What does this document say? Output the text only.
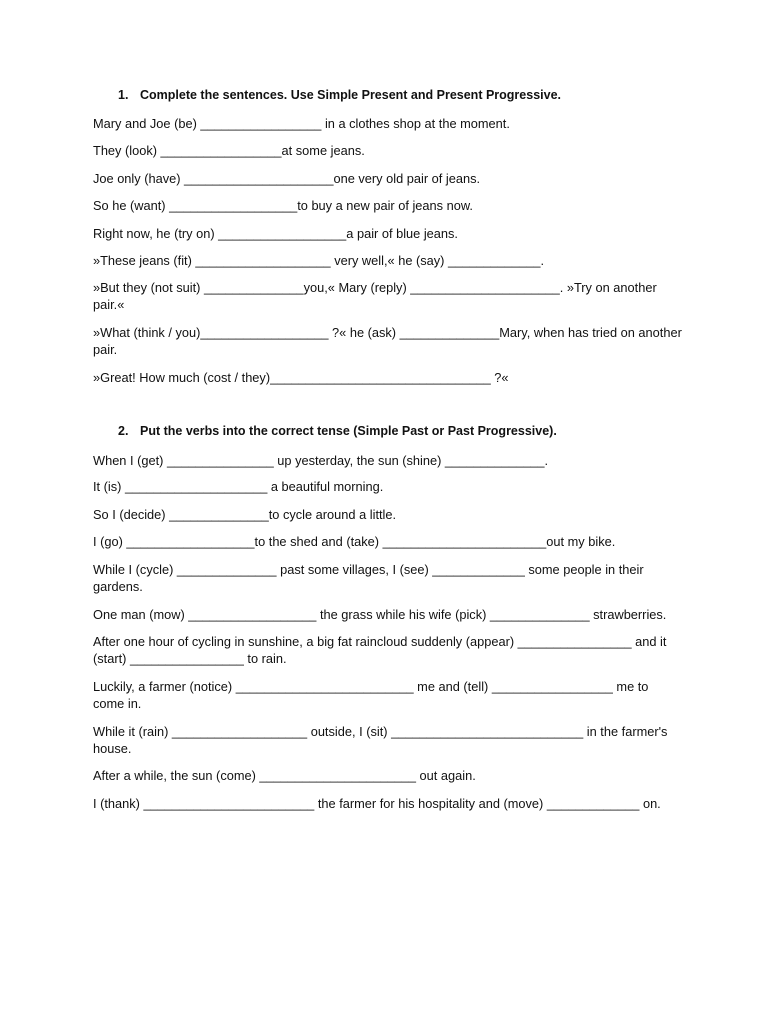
1. Complete the sentences. Use Simple Present and Present Progressive.
Mary and Joe (be) _________________ in a clothes shop at the moment.
They (look) _________________at some jeans.
Joe only (have) _____________________one very old pair of jeans.
So he (want) __________________to buy a new pair of jeans now.
Right now, he (try on) __________________a pair of blue jeans.
»These jeans (fit) ___________________ very well,« he (say) _____________.
»But they (not suit) ______________you,« Mary (reply) _____________________. »Try on another pair.«
»What (think / you)__________________ ?« he (ask) ______________Mary, when has tried on another pair.
»Great! How much (cost / they)_______________________________ ?«
2. Put the verbs into the correct tense (Simple Past or Past Progressive).
When I (get) _______________ up yesterday, the sun (shine) ______________.
It (is) ____________________ a beautiful morning.
So I (decide) ______________to cycle around a little.
I (go) __________________to the shed and (take) _______________________out my bike.
While I (cycle) ______________ past some villages, I (see) _____________ some people in their gardens.
One man (mow) __________________ the grass while his wife (pick) ______________ strawberries.
After one hour of cycling in sunshine, a big fat raincloud suddenly (appear) ________________ and it (start) ________________ to rain.
Luckily, a farmer (notice) _________________________ me and (tell) _________________ me to come in.
While it (rain) ___________________ outside, I (sit) ___________________________ in the farmer's house.
After a while, the sun (come) ______________________ out again.
I (thank) ________________________ the farmer for his hospitality and (move) _____________ on.
